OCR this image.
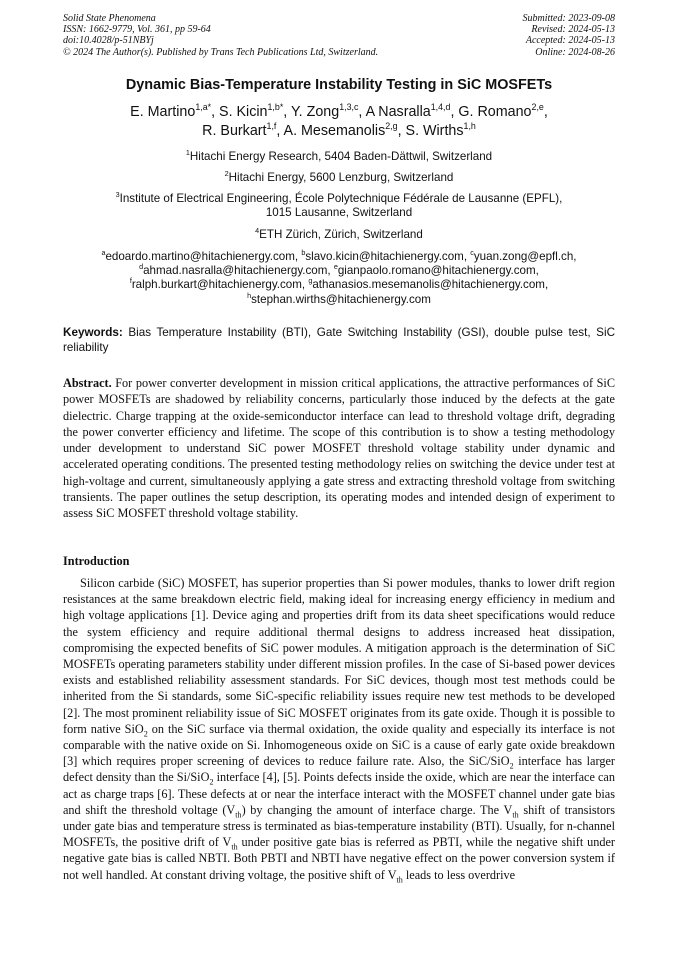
Solid State Phenomena
ISSN: 1662-9779, Vol. 361, pp 59-64
doi:10.4028/p-51NBYj
© 2024 The Author(s). Published by Trans Tech Publications Ltd, Switzerland.
Submitted: 2023-09-08
Revised: 2024-05-13
Accepted: 2024-05-13
Online: 2024-08-26
Dynamic Bias-Temperature Instability Testing in SiC MOSFETs
E. Martino$^{1,a*}$, S. Kicin$^{1,b*}$, Y. Zong$^{1,3,c}$, A Nasralla$^{1,4,d}$, G. Romano$^{2,e}$,
R. Burkart$^{1,f}$, A. Mesemanolis$^{2,g}$, S. Wirths$^{1,h}$
$^1$Hitachi Energy Research, 5404 Baden-Dättwil, Switzerland
$^2$Hitachi Energy, 5600 Lenzburg, Switzerland
$^3$Institute of Electrical Engineering, École Polytechnique Fédérale de Lausanne (EPFL),
1015 Lausanne, Switzerland
$^4$ETH Zürich, Zürich, Switzerland
$^a$edoardo.martino@hitachienergy.com, $^b$slavo.kicin@hitachienergy.com, $^c$yuan.zong@epfl.ch,
$^d$ahmad.nasralla@hitachienergy.com, $^e$gianpaolo.romano@hitachienergy.com,
$^f$ralph.burkart@hitachienergy.com, $^g$athanasios.mesemanolis@hitachienergy.com,
$^h$stephan.wirths@hitachienergy.com
Keywords: Bias Temperature Instability (BTI), Gate Switching Instability (GSI), double pulse test, SiC reliability
Abstract. For power converter development in mission critical applications, the attractive performances of SiC power MOSFETs are shadowed by reliability concerns, particularly those induced by the defects at the gate dielectric. Charge trapping at the oxide-semiconductor interface can lead to threshold voltage drift, degrading the power converter efficiency and lifetime. The scope of this contribution is to show a testing methodology under development to understand SiC power MOSFET threshold voltage stability under dynamic and accelerated operating conditions. The presented testing methodology relies on switching the device under test at high-voltage and current, simultaneously applying a gate stress and extracting threshold voltage from switching transients. The paper outlines the setup description, its operating modes and intended design of experiment to assess SiC MOSFET threshold voltage stability.
Introduction
Silicon carbide (SiC) MOSFET, has superior properties than Si power modules, thanks to lower drift region resistances at the same breakdown electric field, making ideal for increasing energy efficiency in medium and high voltage applications [1]. Device aging and properties drift from its data sheet specifications would reduce the system efficiency and require additional thermal designs to address increased heat dissipation, compromising the expected benefits of SiC power modules. A mitigation approach is the determination of SiC MOSFETs operating parameters stability under different mission profiles. In the case of Si-based power devices exists and established reliability assessment standards. For SiC devices, though most test methods could be inherited from the Si standards, some SiC-specific reliability issues require new test methods to be developed [2]. The most prominent reliability issue of SiC MOSFET originates from its gate oxide. Though it is possible to form native SiO$_2$ on the SiC surface via thermal oxidation, the oxide quality and especially its interface is not comparable with the native oxide on Si. Inhomogeneous oxide on SiC is a cause of early gate oxide breakdown [3] which requires proper screening of devices to reduce failure rate. Also, the SiC/SiO$_2$ interface has larger defect density than the Si/SiO$_2$ interface [4], [5]. Points defects inside the oxide, which are near the interface can act as charge traps [6]. These defects at or near the interface interact with the MOSFET channel under gate bias and shift the threshold voltage $(V_{th})$ by changing the amount of interface charge. The $V_{th}$ shift of transistors under gate bias and temperature stress is terminated as bias-temperature instability (BTI). Usually, for n-channel MOSFETs, the positive drift of $V_{th}$ under positive gate bias is referred as PBTI, while the negative shift under negative gate bias is called NBTI. Both PBTI and NBTI have negative effect on the power conversion system if not well handled. At constant driving voltage, the positive shift of $V_{th}$ leads to less overdrive
